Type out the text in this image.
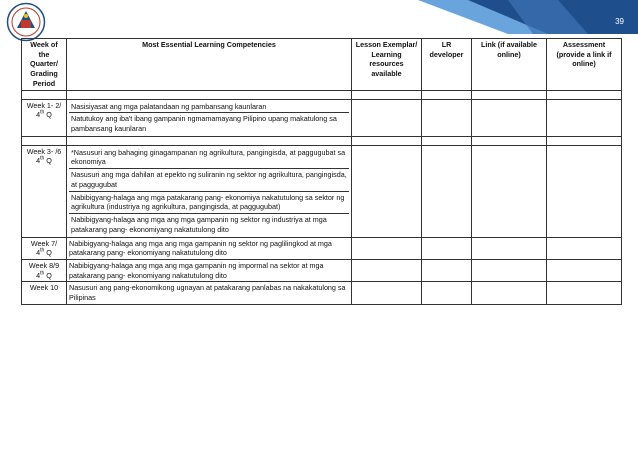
39
Week of the Quarter/ Grading Period	Most Essential Learning Competencies	Lesson Exemplar/ Learning resources available	LR developer	Link (if available online)	Assessment (provide a link if online)

Week 1- 2/
4th Q	Nasisiyasat ang mga palatandaan ng pambansang kaunlaran
Natutukoy ang iba't ibang gampanin ngmamamayang Pilipino upang makatulong sa pambansang kaunlaran				

Week 3- /6
4th Q	*Nasusuri ang bahaging ginagampanan ng agrikultura, pangingisda, at paggugubat sa ekonomiya
Nasusuri ang mga dahilan at epekto ng suliranin ng sektor ng agrikultura, pangingisda, at paggugubat
Nabibigyang-halaga ang mga patakarang pang- ekonomiya nakatutulong sa sektor ng agrikultura (industriya ng agrikultura, pangingisda, at paggugubat)
Nabibigyang-halaga ang mga ang mga gampanin ng sektor ng industriya at mga patakarang pang- ekonomiyang nakatutulong dito				

Week 7/
4th Q	Nabibigyang-halaga ang mga ang mga gampanin ng sektor ng paglilingkod at mga patakarang pang- ekonomiyang nakatutulong dito				
Week 8/9
4th Q	Nabibigyang-halaga ang mga ang mga gampanin ng impormal na sektor at mga patakarang pang- ekonomiyang nakatutulong dito				
Week 10	Nasusuri ang pang-ekonomikong ugnayan at patakarang panlabas na nakakatulong sa Pilipinas				
